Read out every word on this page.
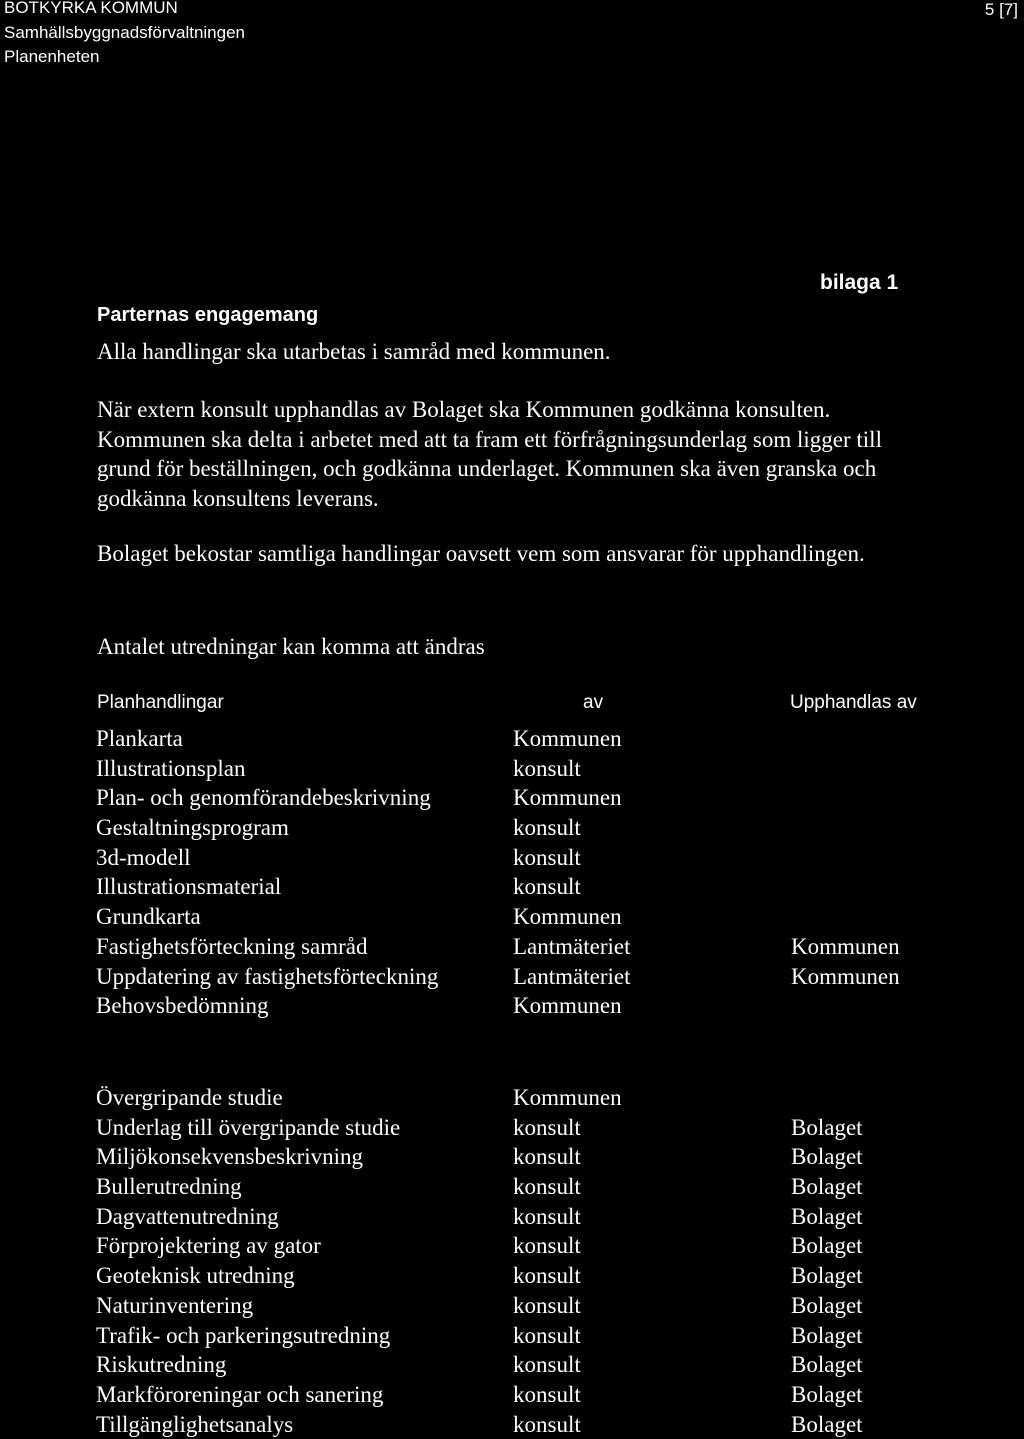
BOTKYRKA KOMMUN
Samhällsbyggnadsförvaltningen
Planenheten
5 [7]
bilaga 1
Parternas engagemang
Alla handlingar ska utarbetas i samråd med kommunen.
När extern konsult upphandlas av Bolaget ska Kommunen godkänna konsulten. Kommunen ska delta i arbetet med att ta fram ett förfrågningsunderlag som ligger till grund för beställningen, och godkänna underlaget. Kommunen ska även granska och godkänna konsultens leverans.
Bolaget bekostar samtliga handlingar oavsett vem som ansvarar för upphandlingen.
Antalet utredningar kan komma att ändras
Planhandlingar	av	Upphandlas av
Plankarta	Kommunen
Illustrationsplan	konsult
Plan- och genomförandebeskrivning	Kommunen
Gestaltningsprogram	konsult
3d-modell	konsult
Illustrationsmaterial	konsult
Grundkarta	Kommunen
Fastighetsförteckning samråd	Lantmäteriet	Kommunen
Uppdatering av fastighetsförteckning	Lantmäteriet	Kommunen
Behovsbedömning	Kommunen
Övergripande studie	Kommunen
Underlag till övergripande studie	konsult	Bolaget
Miljökonsekvensbeskrivning	konsult	Bolaget
Bullerutredning	konsult	Bolaget
Dagvattenutredning	konsult	Bolaget
Förprojektering av gator	konsult	Bolaget
Geoteknisk utredning	konsult	Bolaget
Naturinventering	konsult	Bolaget
Trafik- och parkeringsutredning	konsult	Bolaget
Riskutredning	konsult	Bolaget
Markföroreningar och sanering	konsult	Bolaget
Tillgänglighetsanalys	konsult	Bolaget
